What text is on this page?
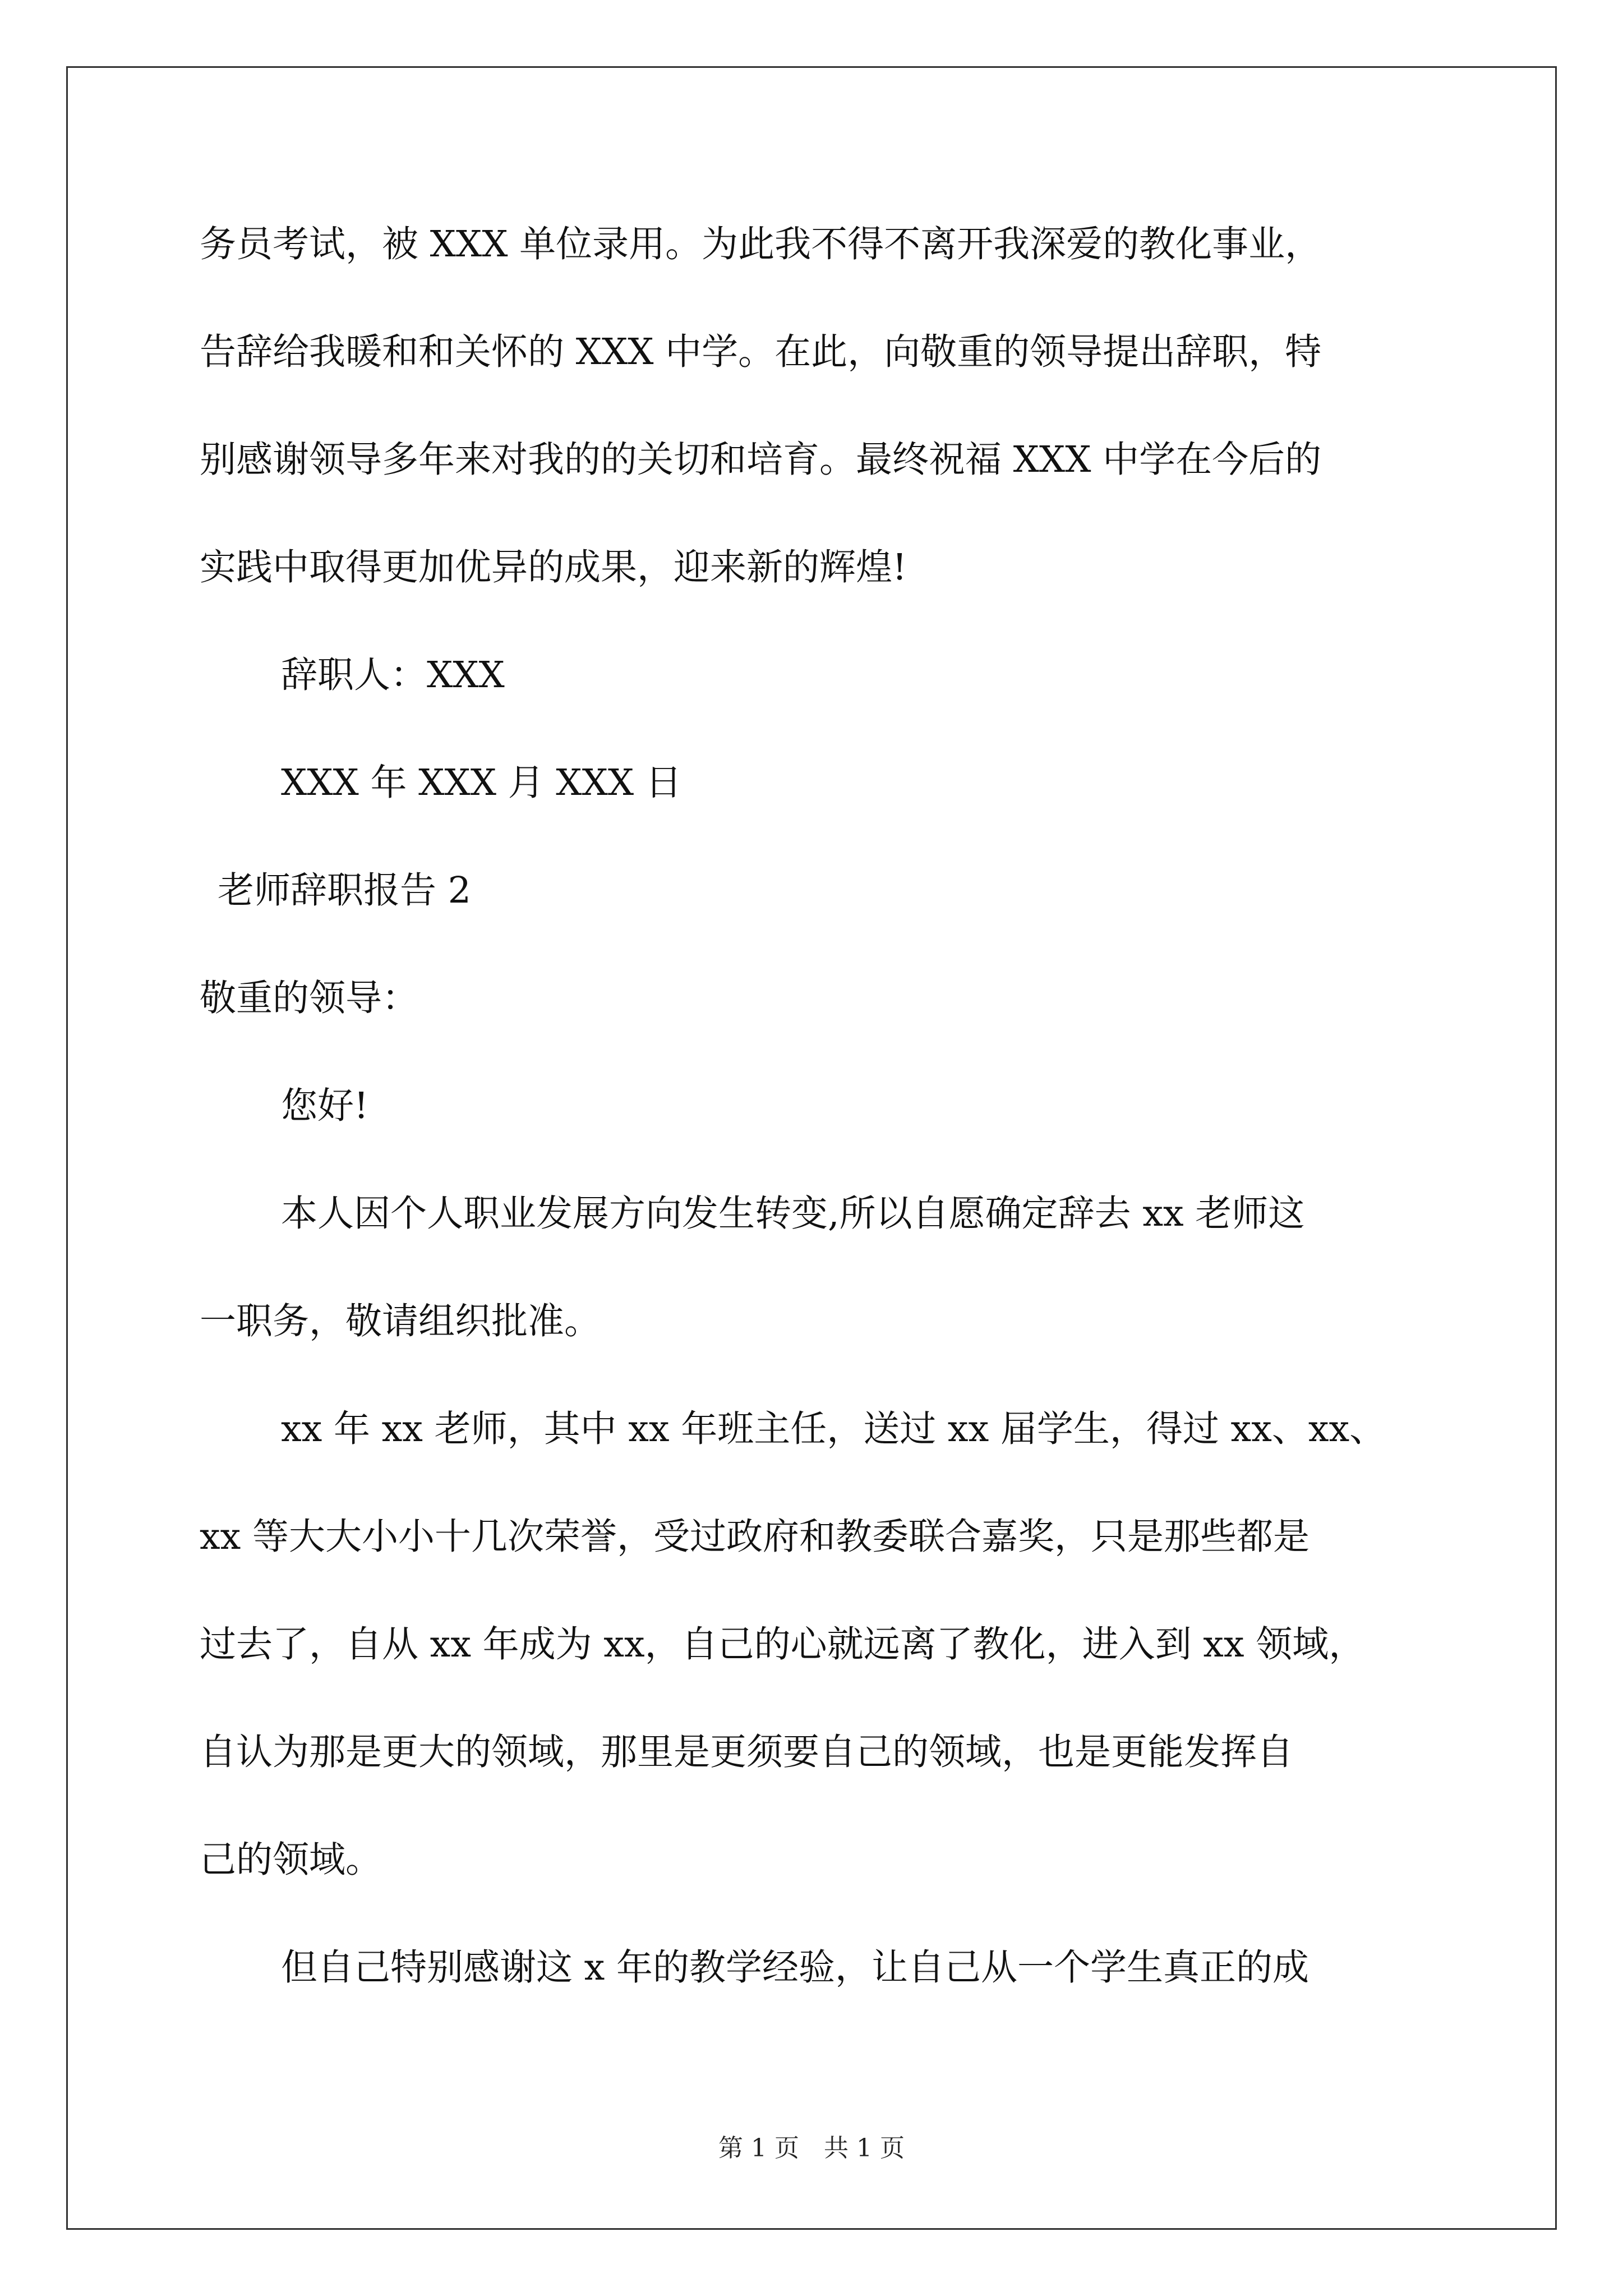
务员考试，被 XXX 单位录用。为此我不得不离开我深爱的教化事业，
告辞给我暖和和关怀的 XXX 中学。在此，向敬重的领导提出辞职，特
别感谢领导多年来对我的的关切和培育。最终祝福 XXX 中学在今后的
实践中取得更加优异的成果，迎来新的辉煌!
辞职人：XXX
XXX 年 XXX 月 XXX 日
老师辞职报告 2
敬重的领导：
您好!
本人因个人职业发展方向发生转变,所以自愿确定辞去 xx 老师这
一职务，敬请组织批准。
xx 年 xx 老师，其中 xx 年班主任，送过 xx 届学生，得过 xx、xx、
xx 等大大小小十几次荣誉，受过政府和教委联合嘉奖，只是那些都是
过去了，自从 xx 年成为 xx，自己的心就远离了教化，进入到 xx 领域，
自认为那是更大的领域，那里是更须要自己的领域，也是更能发挥自
己的领域。
但自己特别感谢这 x 年的教学经验，让自己从一个学生真正的成
第 1 页　共 1 页
